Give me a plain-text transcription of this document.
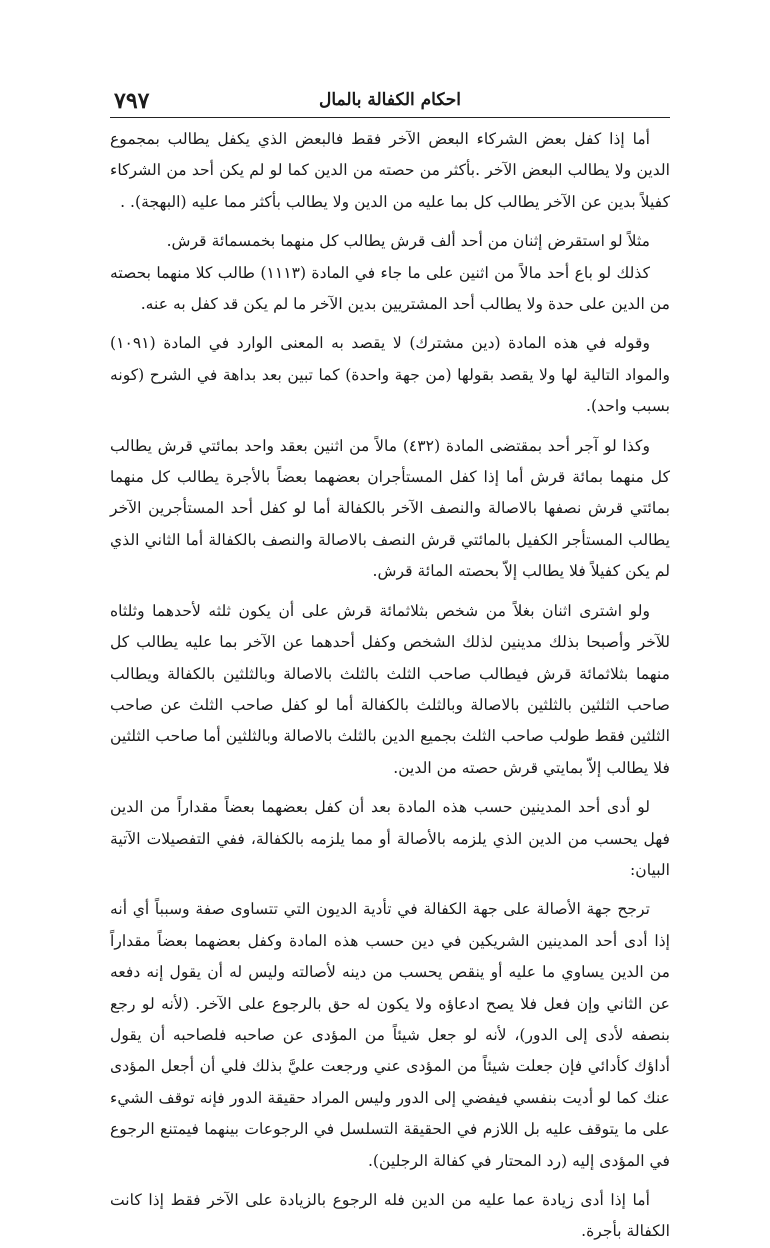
٧٩٧	احكام الكفالة بالمال

أما إذا كفل بعض الشركاء البعض الآخر فقط فالبعض الذي يكفل يطالب بمجموع الدين ولا يطالب البعض الآخر .بأكثر من حصته من الدين كما لو لم يكن أحد من الشركاء كفيلاً بدين عن الآخر يطالب كل بما عليه من الدين ولا يطالب بأكثر مما عليه (البهجة). .

مثلاً لو استقرض إثنان من أحد ألف قرش يطالب كل منهما بخمسمائة قرش.

كذلك لو باع أحد مالاً من اثنين على ما جاء في المادة (١١١٣) طالب كلا منهما بحصته من الدين على حدة ولا يطالب أحد المشتريين بدين الآخر ما لم يكن قد كفل به عنه.

وقوله في هذه المادة (دين مشترك) لا يقصد به المعنى الوارد في المادة (١٠٩١) والمواد التالية لها ولا يقصد بقولها (من جهة واحدة) كما تبين بعد بداهة في الشرح (كونه بسبب واحد).

وكذا لو آجر أحد بمقتضى المادة (٤٣٢) مالاً من اثنين بعقد واحد بمائتي قرش يطالب كل منهما بمائة قرش أما إذا كفل المستأجران بعضهما بعضاً بالأجرة يطالب كل منهما بمائتي قرش نصفها بالاصالة والنصف الآخر بالكفالة أما لو كفل أحد المستأجرين الآخر يطالب المستأجر الكفيل بالمائتي قرش النصف بالاصالة والنصف بالكفالة أما الثاني الذي لم يكن كفيلاً فلا يطالب إلاّ بحصته المائة قرش.

ولو اشترى اثنان بغلاً من شخص بثلاثمائة قرش على أن يكون ثلثه لأحدهما وثلثاه للآخر وأصبحا بذلك مدينين لذلك الشخص وكفل أحدهما عن الآخر بما عليه يطالب كل منهما بثلاثمائة قرش فيطالب صاحب الثلث بالثلث بالاصالة وبالثلثين بالكفالة ويطالب صاحب الثلثين بالثلثين بالاصالة وبالثلث بالكفالة أما لو كفل صاحب الثلث عن صاحب الثلثين فقط طولب صاحب الثلث بجميع الدين بالثلث بالاصالة وبالثلثين أما صاحب الثلثين فلا يطالب إلاّ بمايتي قرش حصته من الدين.

لو أدى أحد المدينين حسب هذه المادة بعد أن كفل بعضهما بعضاً مقداراً من الدين فهل يحسب من الدين الذي يلزمه بالأصالة أو مما يلزمه بالكفالة، ففي التفصيلات الآتية البيان:

ترجح جهة الأصالة على جهة الكفالة في تأدية الديون التي تتساوى صفة وسبباً أي أنه إذا أدى أحد المدينين الشريكين في دين حسب هذه المادة وكفل بعضهما بعضاً مقداراً من الدين يساوي ما عليه أو ينقص يحسب من دينه لأصالته وليس له أن يقول إنه دفعه عن الثاني وإن فعل فلا يصح ادعاؤه ولا يكون له حق بالرجوع على الآخر. (لأنه لو رجع بنصفه لأدى إلى الدور)، لأنه لو جعل شيئاً من المؤدى عن صاحبه فلصاحبه أن يقول أداؤك كأدائي فإن جعلت شيئاً من المؤدى عني ورجعت عليَّ بذلك فلي أن أجعل المؤدى عنك كما لو أديت بنفسي فيفضي إلى الدور وليس المراد حقيقة الدور فإنه توقف الشيء على ما يتوقف عليه بل اللازم في الحقيقة التسلسل في الرجوعات بينهما فيمتنع الرجوع في المؤدى إليه (رد المحتار في كفالة الرجلين).

أما إذا أدى زيادة عما عليه من الدين فله الرجوع بالزيادة على الآخر فقط إذا كانت الكفالة بأجرة.
